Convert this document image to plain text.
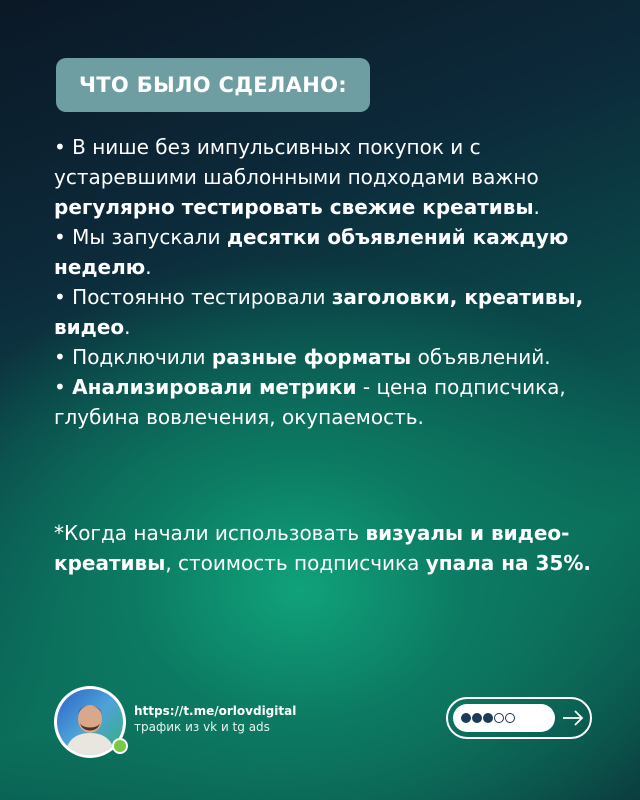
ЧТО БЫЛО СДЕЛАНО:

• В нише без импульсивных покупок и с устаревшими шаблонными подходами важно регулярно тестировать свежие креативы.

• Мы запускали десятки объявлений каждую неделю.

• Постоянно тестировали заголовки, креативы, видео.

• Подключили разные форматы объявлений.

• Анализировали метрики - цена подписчика, глубина вовлечения, окупаемость.

*Когда начали использовать визуалы и видео-креативы, стоимость подписчика упала на 35%.

https://t.me/orlovdigital
трафик из vk и tg ads
